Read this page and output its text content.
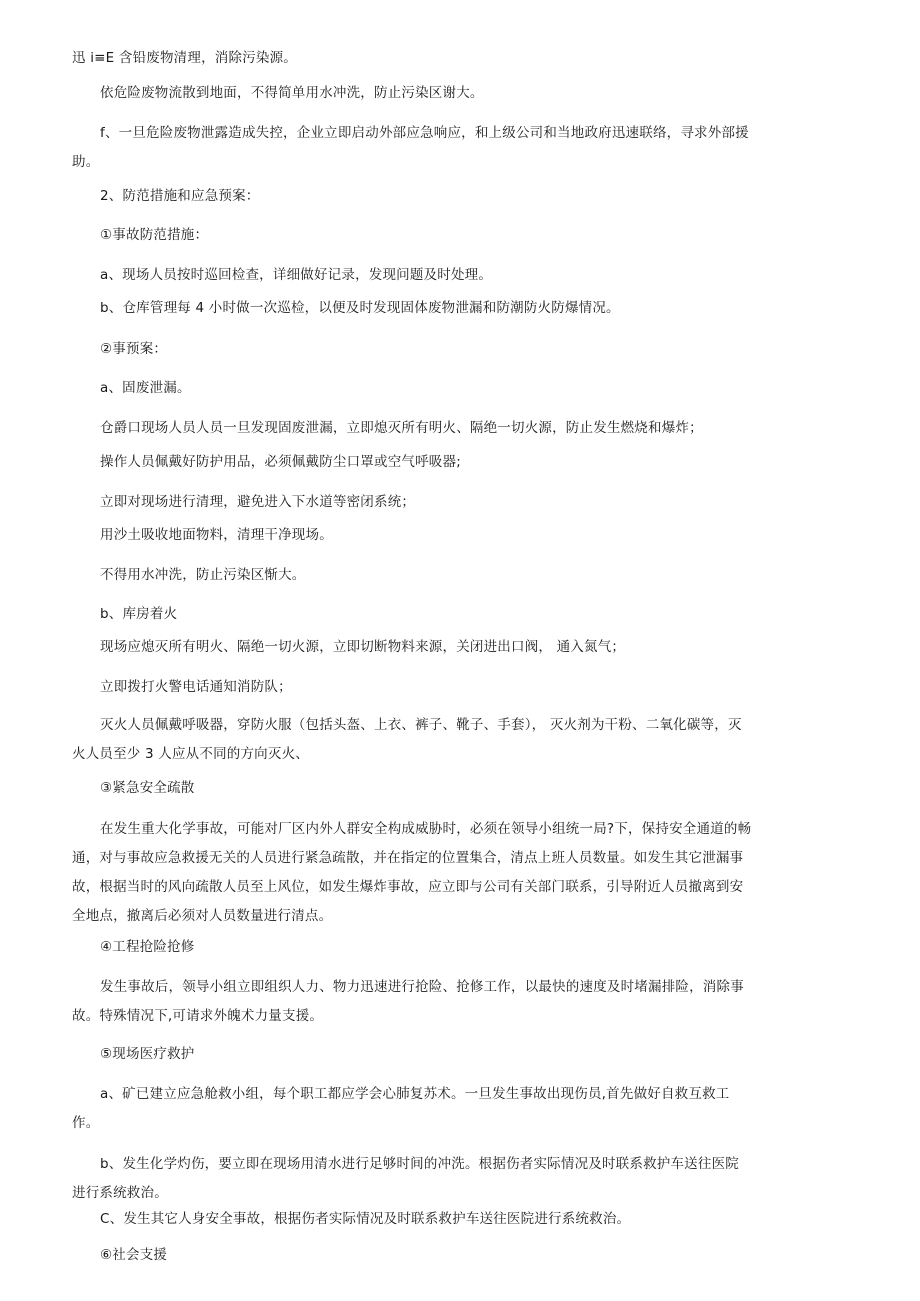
迅 i≡E 含铅废物清理，消除污染源。

依危险废物流散到地面，不得简单用水冲洗，防止污染区谢大。

f、一旦危险废物泄露造成失控，企业立即启动外部应急响应，和上级公司和当地政府迅速联络，寻求外部援助。

2、防范措施和应急预案：

①事故防范措施：

a、现场人员按时巡回检查，详细做好记录，发现问题及时处理。

b、仓库管理每 4 小时做一次巡检，以便及时发现固体废物泄漏和防潮防火防爆情况。

②事预案：

a、固废泄漏。

仓爵口现场人员人员一旦发现固废泄漏，立即熄灭所有明火、隔绝一切火源，防止发生燃烧和爆炸；

操作人员佩戴好防护用品，必须佩戴防尘口罩或空气呼吸器;

立即对现场进行清理，避免进入下水道等密闭系统；

用沙土吸收地面物料，清理干净现场。

不得用水冲洗，防止污染区惭大。

b、库房着火

现场应熄灭所有明火、隔绝一切火源，立即切断物料来源，关闭进出口阀， 通入氮气；

立即拨打火警电话通知消防队；

灭火人员佩戴呼吸器，穿防火服（包括头盔、上衣、裤子、靴子、手套）， 灭火剂为干粉、二氧化碳等，灭火人员至少 3 人应从不同的方向灭火、

③紧急安全疏散

在发生重大化学事故，可能对厂区内外人群安全构成威胁时，必须在领导小组统一局?下，保持安全通道的畅通，对与事故应急救援无关的人员进行紧急疏散，并在指定的位置集合，清点上班人员数量。如发生其它泄漏事故，根据当时的风向疏散人员至上风位，如发生爆炸事故，应立即与公司有关部门联系，引导附近人员撤离到安全地点，撤离后必须对人员数量进行清点。

④工程抢险抢修

发生事故后，领导小组立即组织人力、物力迅速进行抢险、抢修工作，以最快的速度及时堵漏排险，消除事故。特殊情况下,可请求外魄术力量支援。

⑤现场医疗救护

a、矿已建立应急舱救小组，每个职工都应学会心肺复苏术。一旦发生事故出现伤员,首先做好自救互救工作。

b、发生化学灼伤，要立即在现场用清水进行足够时间的冲洗。根据伤者实际情况及时联系救护车送往医院进行系统救治。

C、发生其它人身安全事故，根据伤者实际情况及时联系救护车送往医院进行系统救治。

⑥社会支援
